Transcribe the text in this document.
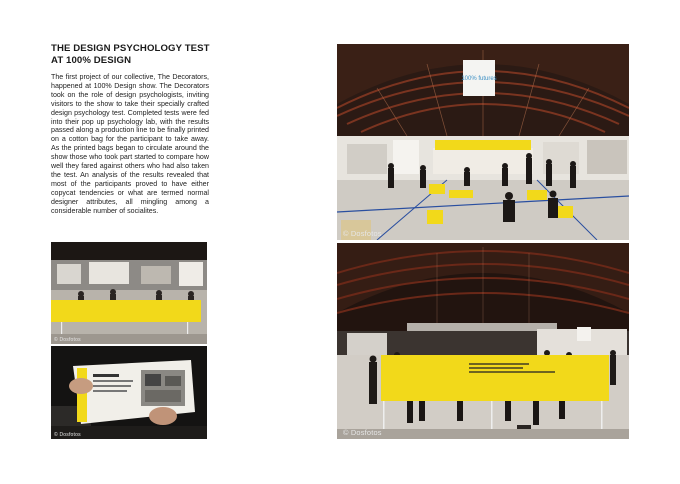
THE DESIGN PSYCHOLOGY TEST AT 100% DESIGN

The first project of our collective, The Decorators, happened at 100% Design show. The Decorators took on the role of design psychologists, inviting visitors to the show to take their specially crafted design psychology test. Completed tests were fed into their pop up psychology lab, with the results passed along a production line to be finally printed on a cotton bag for the participant to take away. As the printed bags began to circulate around the show those who took part started to compare how well they fared against others who had also taken the test. An analysis of the results revealed that most of the participants proved to have either copycat tendencies or what are termed normal designer attributes, all mingling among a considerable number of socialites.

© Dosfotos
© Dosfotos
100% futures
© Dosfotos
© Dosfotos
